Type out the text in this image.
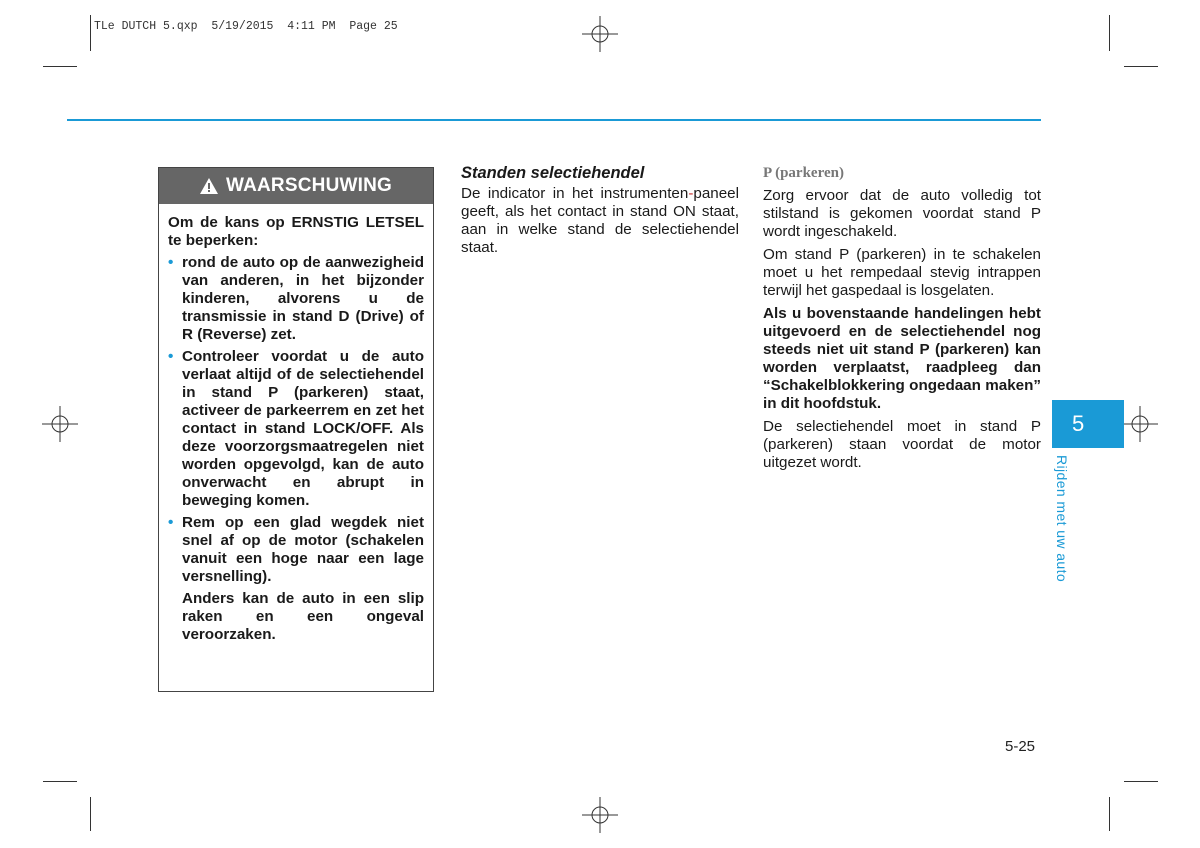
TLe DUTCH 5.qxp  5/19/2015  4:11 PM  Page 25
WAARSCHUWING

Om de kans op ERNSTIG LETSEL te beperken:

• rond de auto op de aanwezigheid van anderen, in het bijzonder kinderen, alvorens u de transmissie in stand D (Drive) of R (Reverse) zet.
• Controleer voordat u de auto verlaat altijd of de selectiehendel in stand P (parkeren) staat, activeer de parkeerrem en zet het contact in stand LOCK/OFF. Als deze voorzorgsmaatregelen niet worden opgevolgd, kan de auto onverwacht en abrupt in beweging komen.
• Rem op een glad wegdek niet snel af op de motor (schakelen vanuit een hoge naar een lage versnelling).

Anders kan de auto in een slip raken en een ongeval veroorzaken.

Standen selectiehendel

De indicator in het instrumenten-paneel geeft, als het contact in stand ON staat, aan in welke stand de selectiehendel staat.

P (parkeren)

Zorg ervoor dat de auto volledig tot stilstand is gekomen voordat stand P wordt ingeschakeld.

Om stand P (parkeren) in te schakelen moet u het rempedaal stevig intrappen terwijl het gaspedaal is losgelaten.

Als u bovenstaande handelingen hebt uitgevoerd en de selectiehendel nog steeds niet uit stand P (parkeren) kan worden verplaatst, raadpleeg dan “Schakelblokkering ongedaan maken” in dit hoofdstuk.

De selectiehendel moet in stand P (parkeren) staan voordat de motor uitgezet wordt.

5
Rijden met uw auto
5-25
